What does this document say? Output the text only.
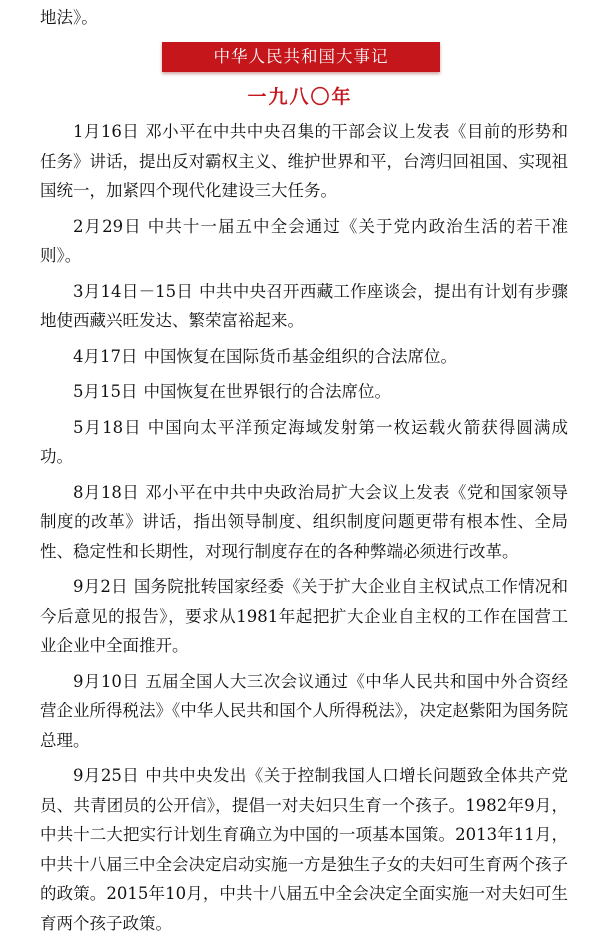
地法》。

中华人民共和国大事记
一九八〇年

1月16日 邓小平在中共中央召集的干部会议上发表《目前的形势和任务》讲话，提出反对霸权主义、维护世界和平，台湾归回祖国、实现祖国统一，加紧四个现代化建设三大任务。

2月29日 中共十一届五中全会通过《关于党内政治生活的若干准则》。

3月14日－15日 中共中央召开西藏工作座谈会，提出有计划有步骤地使西藏兴旺发达、繁荣富裕起来。

4月17日 中国恢复在国际货币基金组织的合法席位。

5月15日 中国恢复在世界银行的合法席位。

5月18日 中国向太平洋预定海域发射第一枚运载火箭获得圆满成功。

8月18日 邓小平在中共中央政治局扩大会议上发表《党和国家领导制度的改革》讲话，指出领导制度、组织制度问题更带有根本性、全局性、稳定性和长期性，对现行制度存在的各种弊端必须进行改革。

9月2日 国务院批转国家经委《关于扩大企业自主权试点工作情况和今后意见的报告》，要求从1981年起把扩大企业自主权的工作在国营工业企业中全面推开。

9月10日 五届全国人大三次会议通过《中华人民共和国中外合资经营企业所得税法》《中华人民共和国个人所得税法》，决定赵紫阳为国务院总理。

9月25日 中共中央发出《关于控制我国人口增长问题致全体共产党员、共青团员的公开信》，提倡一对夫妇只生育一个孩子。1982年9月，中共十二大把实行计划生育确立为中国的一项基本国策。2013年11月，中共十八届三中全会决定启动实施一方是独生子女的夫妇可生育两个孩子的政策。2015年10月，中共十八届五中全会决定全面实施一对夫妇可生育两个孩子政策。
